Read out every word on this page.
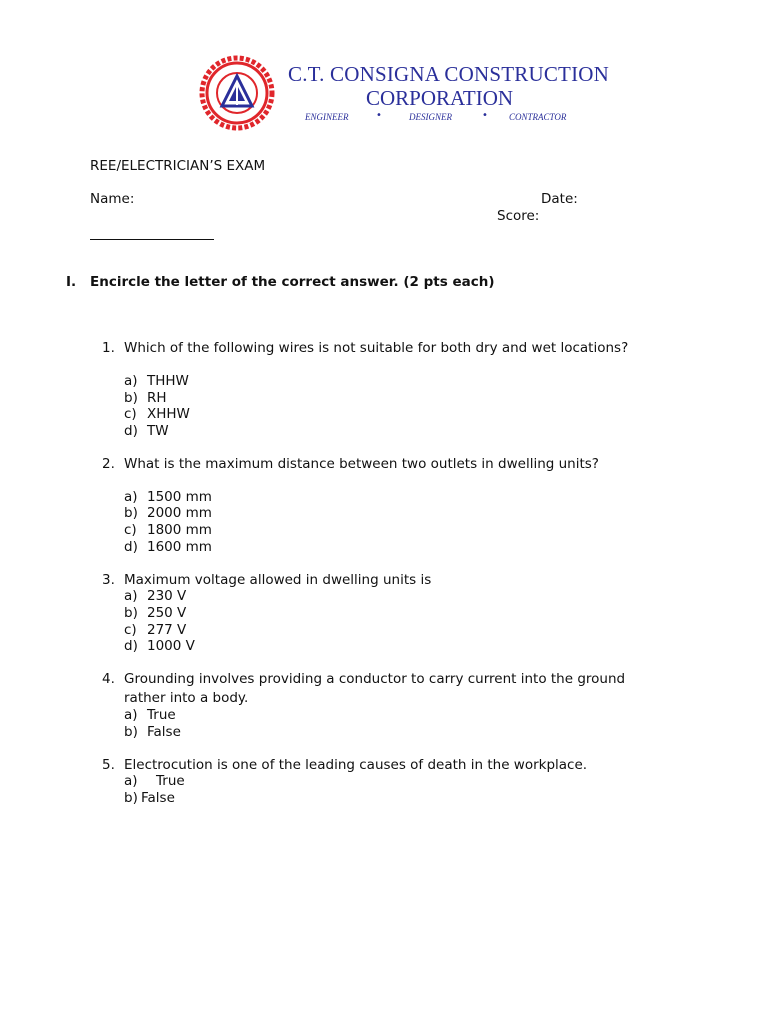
C.T. CONSIGNA CONSTRUCTION
CORPORATION
ENGINEER	•	DESIGNER	• CONTRACTOR
REE/ELECTRICIAN’S EXAM
Name:	Date:
Score:
I. Encircle the letter of the correct answer. (2 pts each)
1. Which of the following wires is not suitable for both dry and wet locations?
a) THHW
b) RH
c) XHHW
d) TW
2. What is the maximum distance between two outlets in dwelling units?
a) 1500 mm
b) 2000 mm
c) 1800 mm
d) 1600 mm
3. Maximum voltage allowed in dwelling units is
a) 230 V
b) 250 V
c) 277 V
d) 1000 V
4. Grounding involves providing a conductor to carry current into the ground
rather into a body.
a) True
b) False
5. Electrocution is one of the leading causes of death in the workplace.
a) True
b) False
